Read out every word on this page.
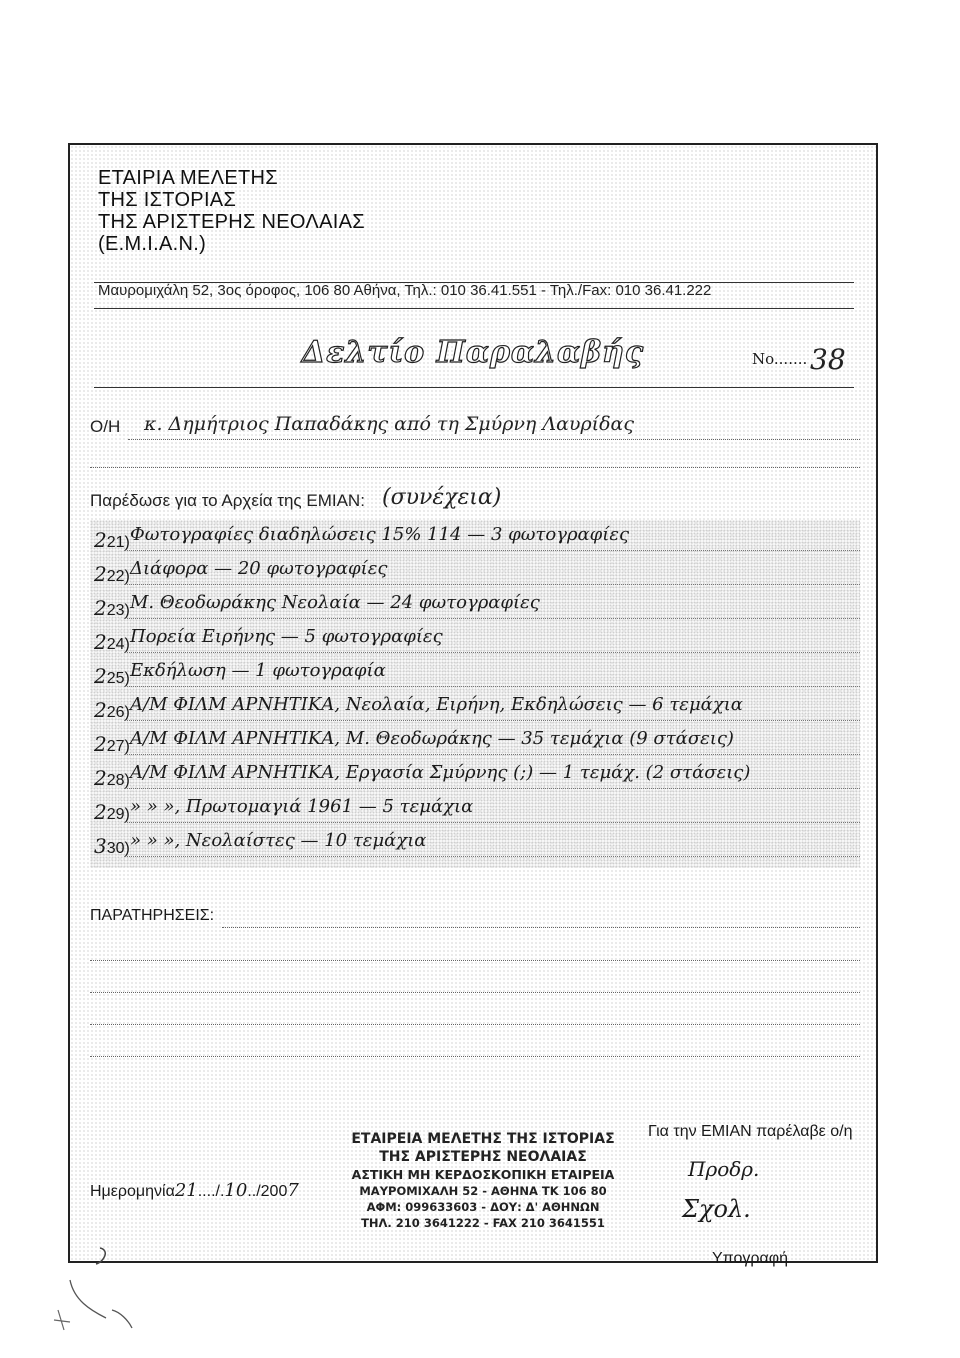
ΕΤΑΙΡΙΑ ΜΕΛΕΤΗΣ
ΤΗΣ ΙΣΤΟΡΙΑΣ
ΤΗΣ ΑΡΙΣΤΕΡΗΣ ΝΕΟΛΑΙΑΣ
(Ε.Μ.Ι.Α.Ν.)
Μαυρομιχάλη 52, 3ος όροφος, 106 80 Αθήνα, Τηλ.: 010 36.41.551 - Τηλ./Fax: 010 36.41.222
Δελτίο Παραλαβής	No....... 38
Ο/Η κ. Δημήτριος Παπαδάκης από τη Σμύρνη Λαυρίδας
Παρέδωσε για το Αρχεία της ΕΜΙΑΝ: (συνέχεια)
221) Φωτογραφίες διαδηλώσεις 15% 114 — 3 φωτογραφίες
222) Διάφορα — 20 φωτογραφίες
223) Μ. Θεοδωράκης Νεολαία — 24 φωτογραφίες
224) Πορεία Ειρήνης — 5 φωτογραφίες
225) Εκδήλωση — 1 φωτογραφία
226) Α/Μ ΦΙΛΜ ΑΡΝΗΤΙΚΑ, Νεολαία, Ειρήνη, Εκδηλώσεις — 6 τεμάχια
227) Α/Μ ΦΙΛΜ ΑΡΝΗΤΙΚΑ, Μ. Θεοδωράκης — 35 τεμάχια (9 στάσεις)
228) Α/Μ ΦΙΛΜ ΑΡΝΗΤΙΚΑ, Εργασία Σμύρνης (;) — 1 τεμάχ. (2 στάσεις)
229) » » », Πρωτομαγιά 1961 — 5 τεμάχια
330) » » », Νεολαίστες — 10 τεμάχια
ΠΑΡΑΤΗΡΗΣΕΙΣ:
ΕΤΑΙΡΕΙΑ ΜΕΛΕΤΗΣ ΤΗΣ ΙΣΤΟΡΙΑΣ
ΤΗΣ ΑΡΙΣΤΕΡΗΣ ΝΕΟΛΑΙΑΣ
ΑΣΤΙΚΗ ΜΗ ΚΕΡΔΟΣΚΟΠΙΚΗ ΕΤΑΙΡΕΙΑ
ΜΑΥΡΟΜΙΧΑΛΗ 52 - ΑΘΗΝΑ ΤΚ 106 80
ΑΦΜ: 099633603 - ΔΟΥ: Δ' ΑΘΗΝΩΝ
ΤΗΛ. 210 3641222 - FAX 210 3641551
Ημερομηνία21..../.10../2007
Για την ΕΜΙΑΝ παρέλαβε ο/η
Προδρ.
Σχολ.
Υπογραφή
